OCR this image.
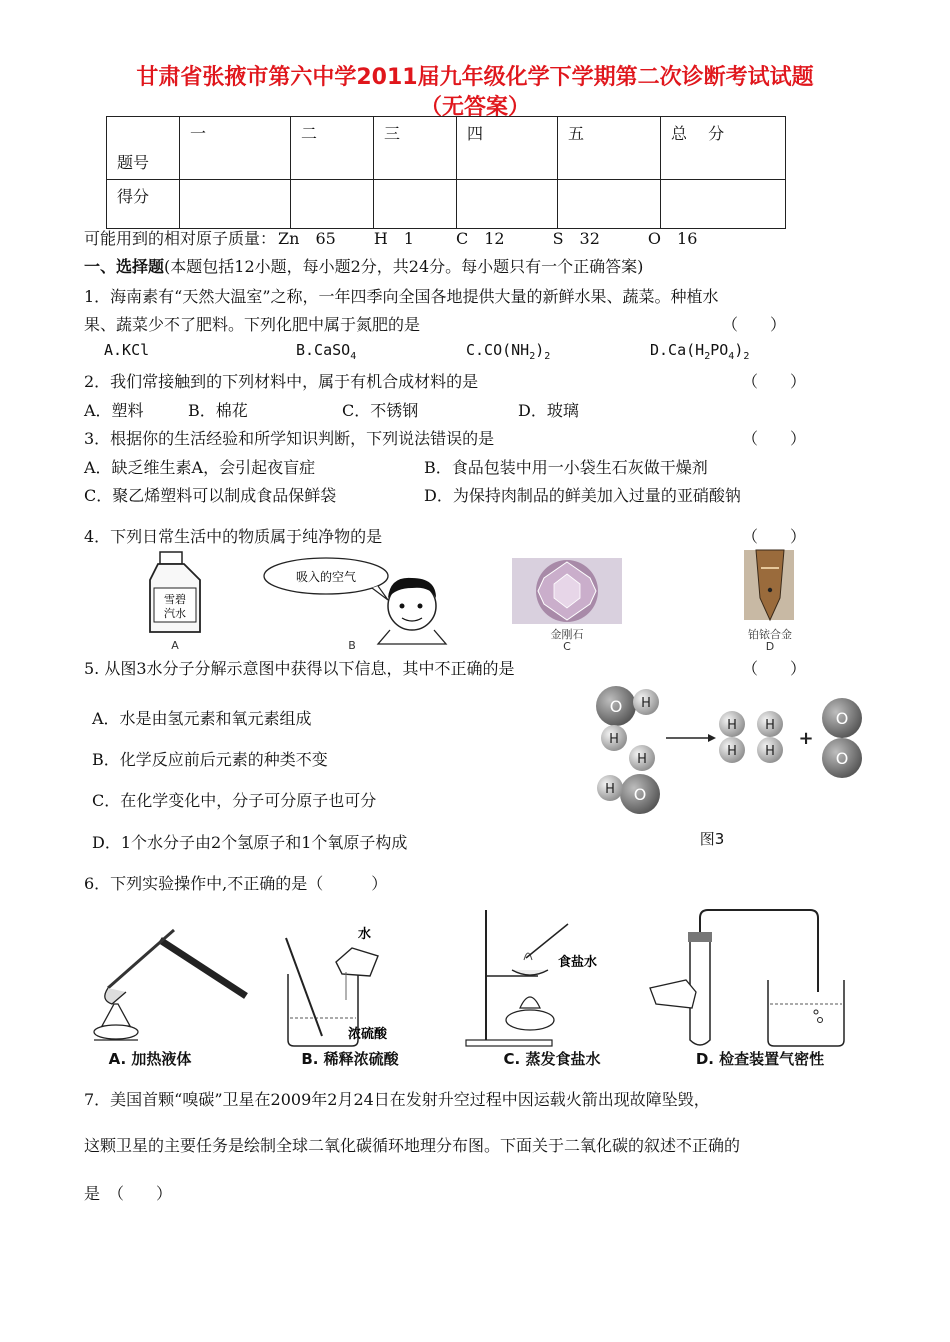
甘肃省张掖市第六中学2011届九年级化学下学期第二次诊断考试试题
（无答案）
题号	一	二	三	四	五	总　 分
得分						
可能用到的相对原子质量： Zn　65 H　1	C　12	S　32	O　16
一、选择题(本题包括12小题，每小题2分，共24分。每小题只有一个正确答案)
1．海南素有“天然大温室”之称，一年四季向全国各地提供大量的新鲜水果、蔬菜。种植水
果、蔬菜少不了肥料。下列化肥中属于氮肥的是	（　　）
A.KCl	B.CaSO$_4$	$C.CO(NH_2)_2$	$D.Ca(H_2PO_4)_2$
2．我们常接触到的下列材料中，属于有机合成材料的是	（　　）
A．塑料	B．棉花	C．不锈钢	D．玻璃
3．根据你的生活经验和所学知识判断，下列说法错误的是	（　　）
A．缺乏维生素A，会引起夜盲症	B．食品包装中用一小袋生石灰做干燥剂
C．聚乙烯塑料可以制成食品保鲜袋	D．为保持肉制品的鲜美加入过量的亚硝酸钠
4．下列日常生活中的物质属于纯净物的是	（　　）
雪碧
汽水
A
吸入的空气
B
金刚石
C
铂铱合金
D
5. 从图3水分子分解示意图中获得以下信息，其中不正确的是	（　　）
A．水是由氢元素和氧元素组成
B．化学反应前后元素的种类不变
C．在化学变化中，分子可分原子也可分
D．1个水分子由2个氢原子和1个氧原子构成
O H
H
H
O
H
H
H
H
H
+
O
O
图3
6．下列实验操作中,不正确的是（　　　）
A. 加热液体
水
浓硫酸
B. 稀释浓硫酸
食盐水
C. 蒸发食盐水	D. 检查装置气密性
7．美国首颗“嗅碳”卫星在2009年2月24日在发射升空过程中因运载火箭出现故障坠毁，
这颗卫星的主要任务是绘制全球二氧化碳循环地理分布图。下面关于二氧化碳的叙述不正确的
是　（　　）
